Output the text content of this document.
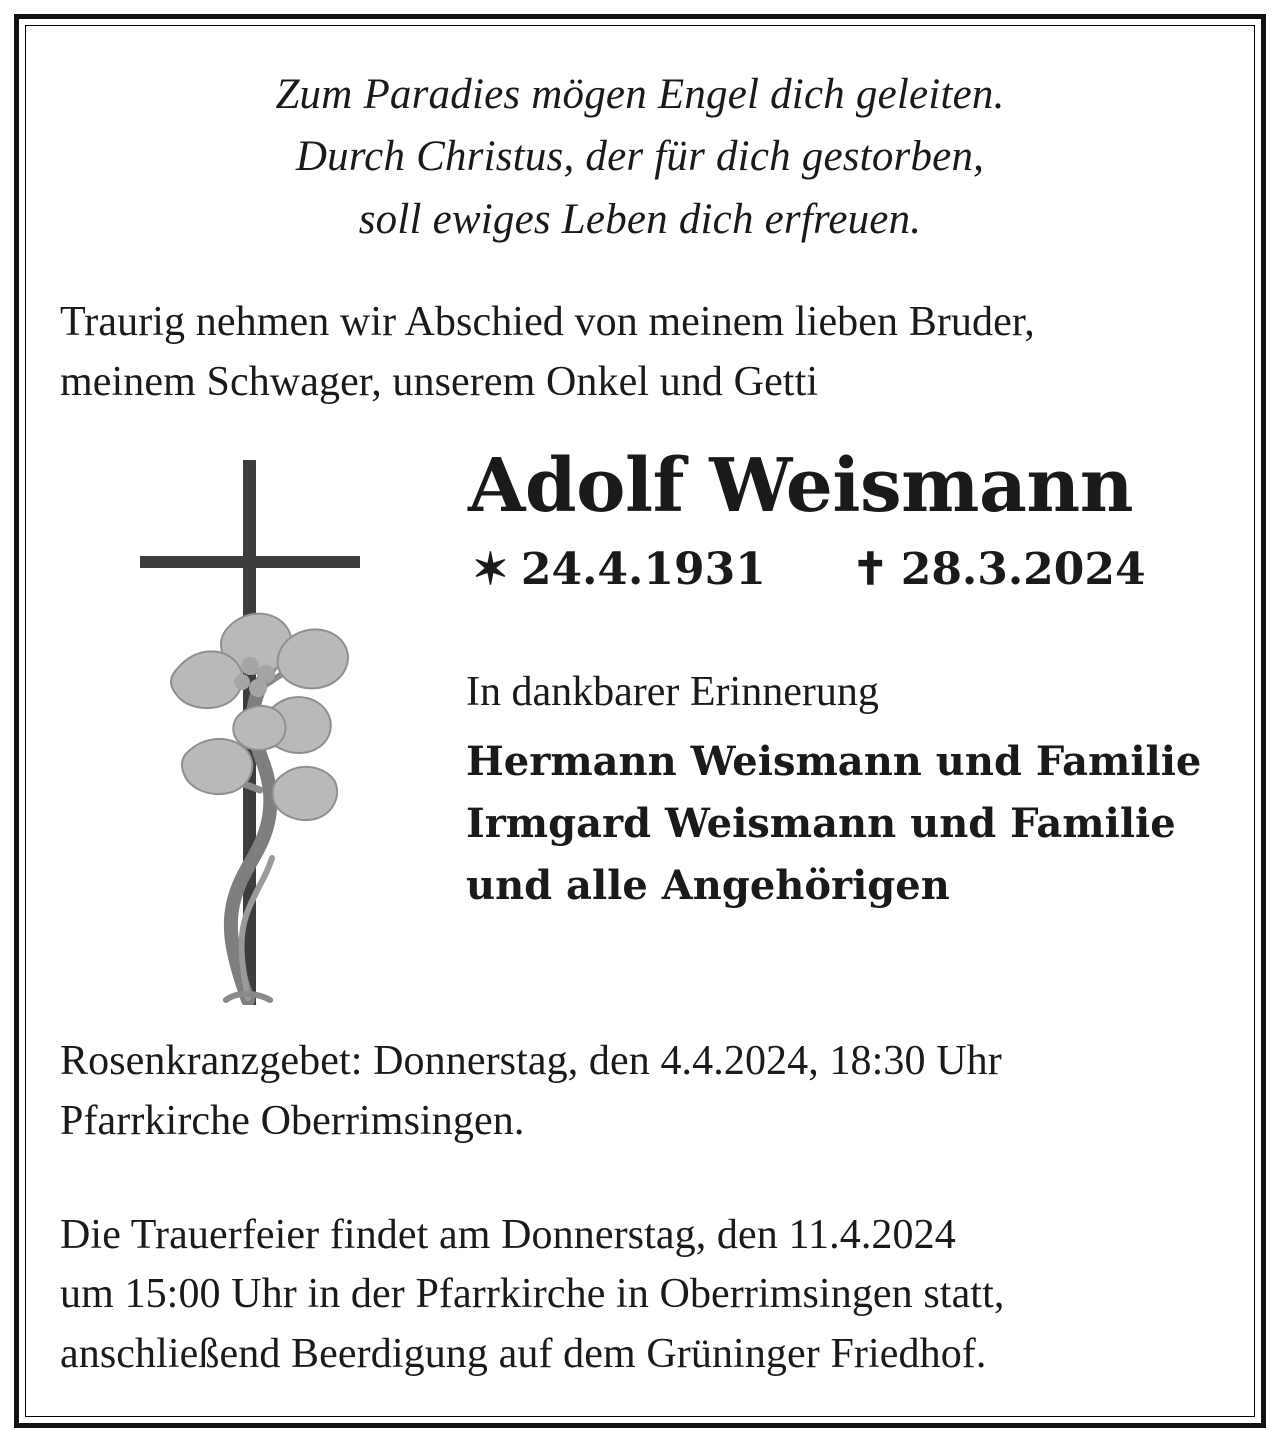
Zum Paradies mögen Engel dich geleiten.
Durch Christus, der für dich gestorben,
soll ewiges Leben dich erfreuen.
Traurig nehmen wir Abschied von meinem lieben Bruder,
meinem Schwager, unserem Onkel und Getti
Adolf Weismann
✶ 24.4.1931 ✝ 28.3.2024
In dankbarer Erinnerung
Hermann Weismann und Familie
Irmgard Weismann und Familie
und alle Angehörigen
Rosenkranzgebet: Donnerstag, den 4.4.2024, 18:30 Uhr
Pfarrkirche Oberrimsingen.
Die Trauerfeier findet am Donnerstag, den 11.4.2024
um 15:00 Uhr in der Pfarrkirche in Oberrimsingen statt,
anschließend Beerdigung auf dem Grüninger Friedhof.
